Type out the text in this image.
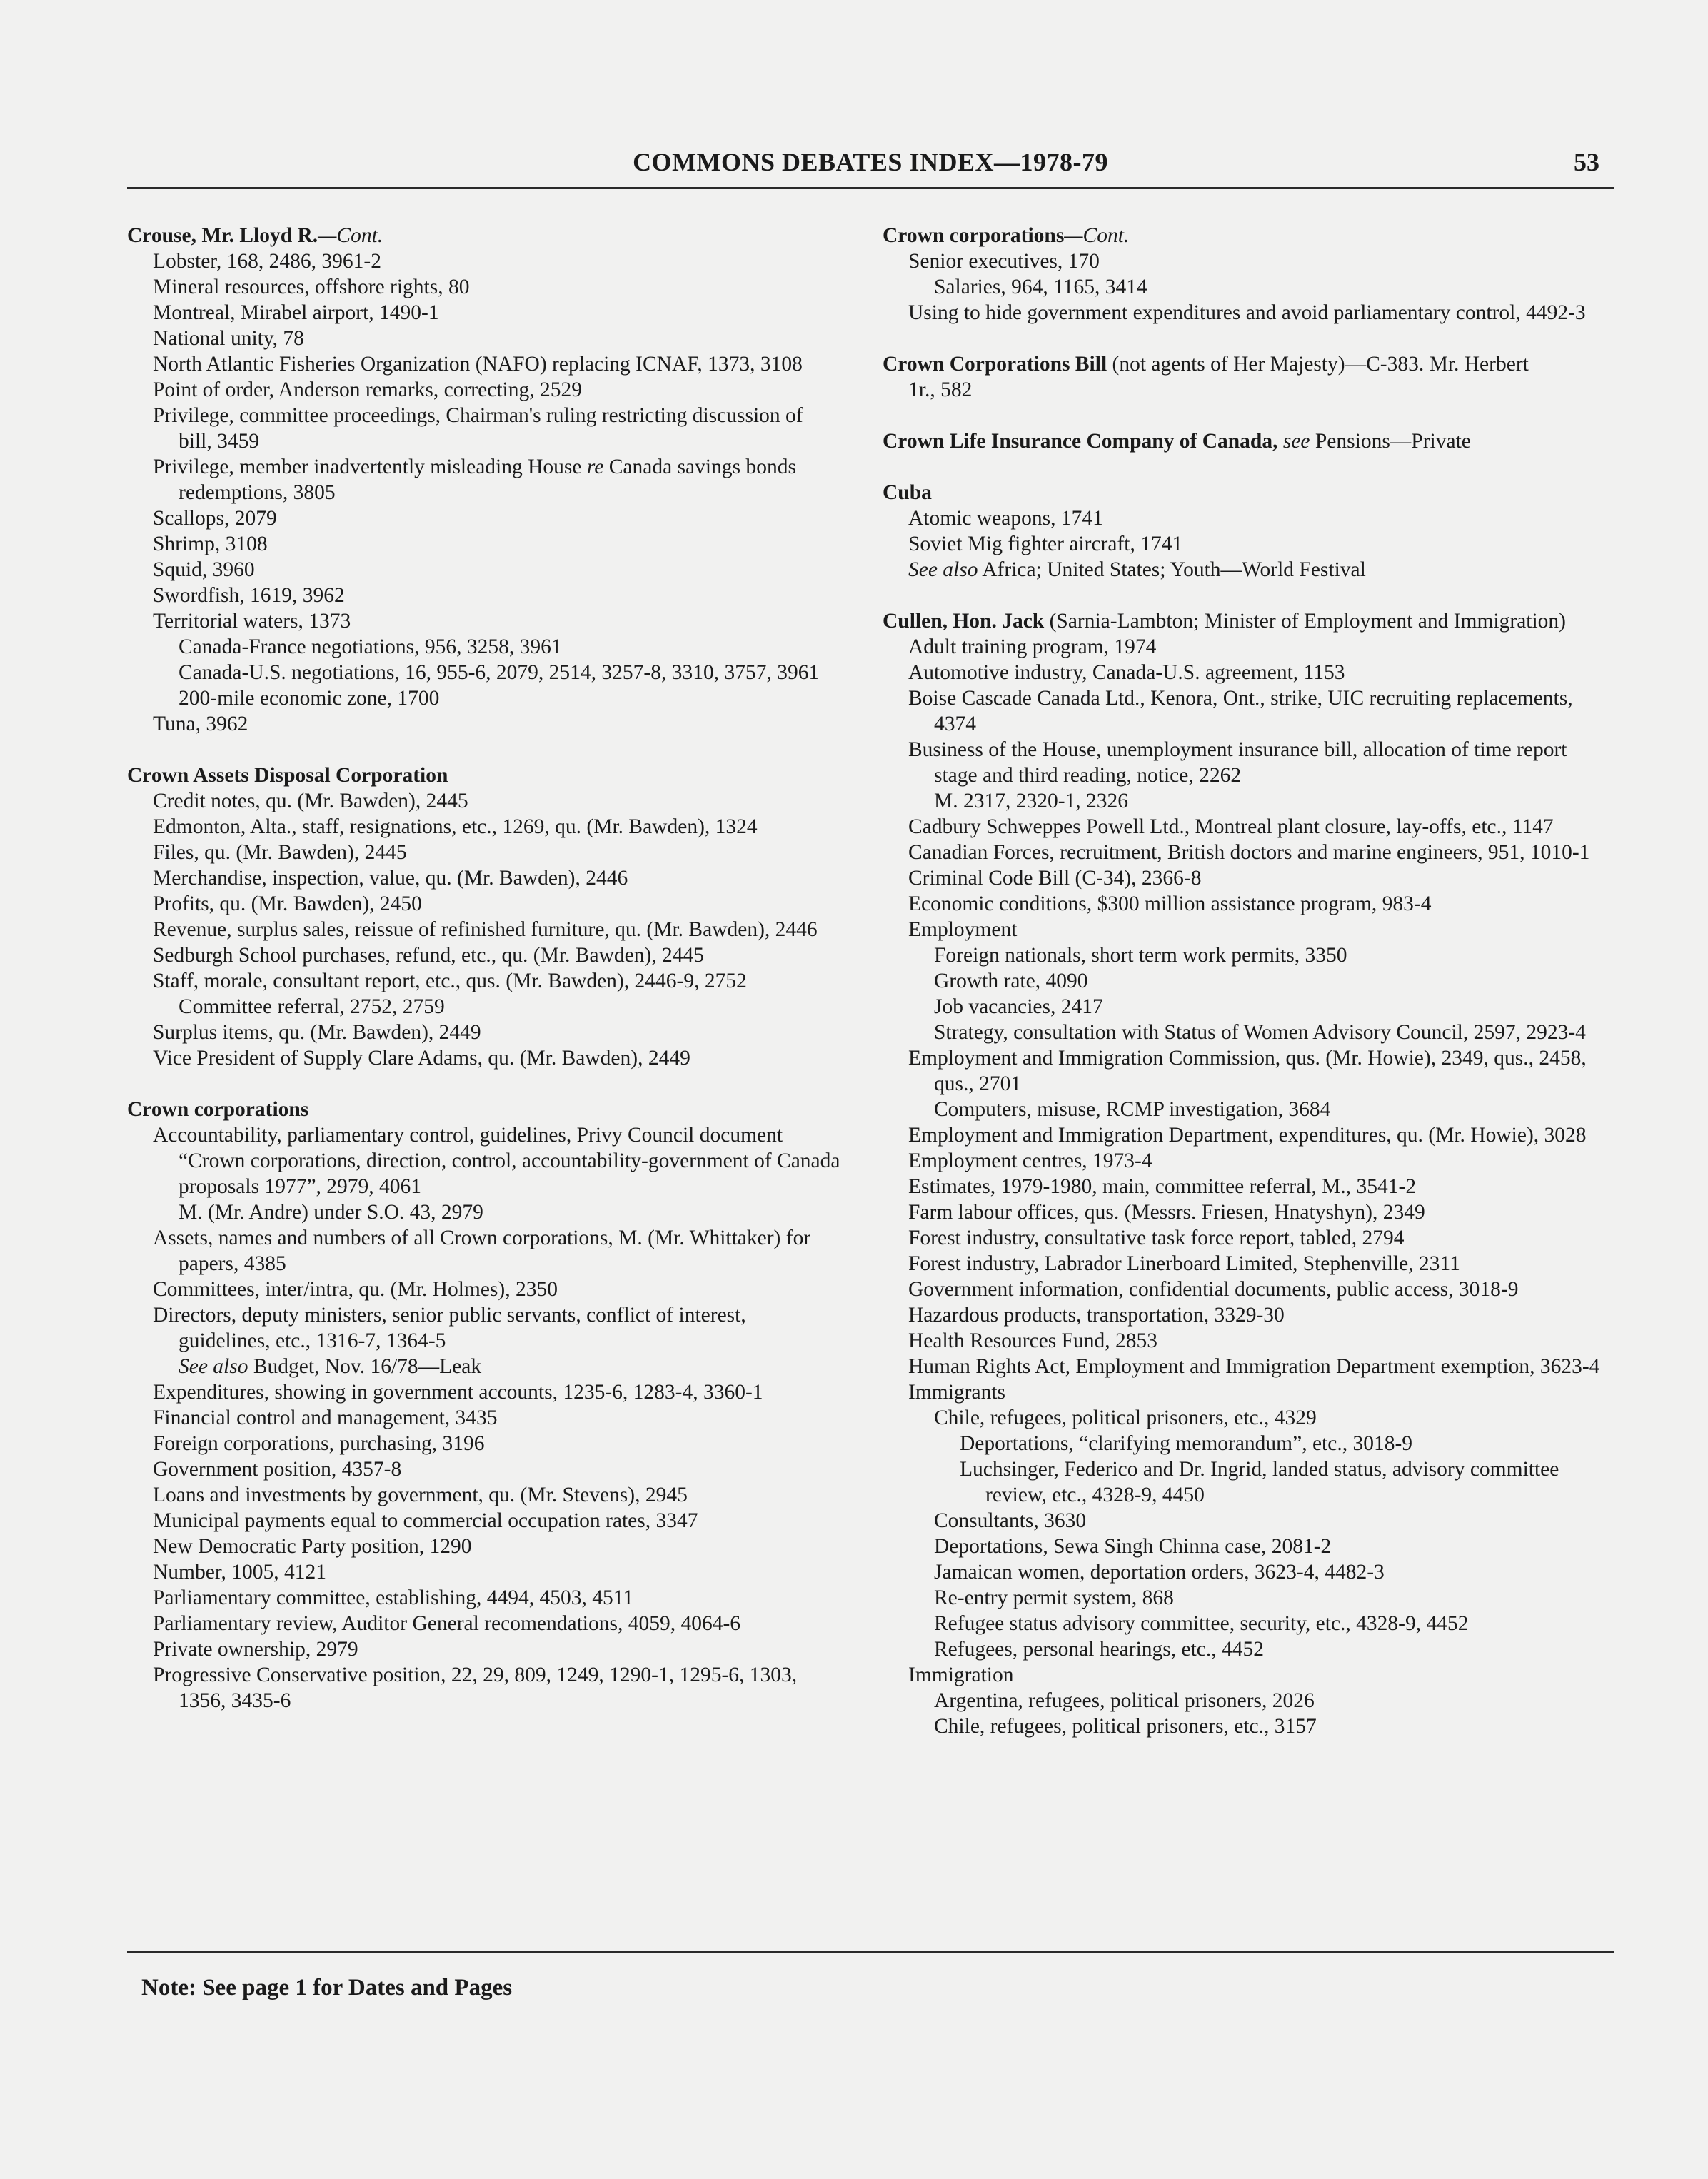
COMMONS DEBATES INDEX—1978-79	53
Crouse, Mr. Lloyd R.—Cont.
Lobster, 168, 2486, 3961-2
Mineral resources, offshore rights, 80
Montreal, Mirabel airport, 1490-1
National unity, 78
North Atlantic Fisheries Organization (NAFO) replacing ICNAF, 1373, 3108
Point of order, Anderson remarks, correcting, 2529
Privilege, committee proceedings, Chairman's ruling restricting discussion of bill, 3459
Privilege, member inadvertently misleading House re Canada savings bonds redemptions, 3805
Scallops, 2079
Shrimp, 3108
Squid, 3960
Swordfish, 1619, 3962
Territorial waters, 1373
Canada-France negotiations, 956, 3258, 3961
Canada-U.S. negotiations, 16, 955-6, 2079, 2514, 3257-8, 3310, 3757, 3961
200-mile economic zone, 1700
Tuna, 3962
Crown Assets Disposal Corporation
Credit notes, qu. (Mr. Bawden), 2445
Edmonton, Alta., staff, resignations, etc., 1269, qu. (Mr. Bawden), 1324
Files, qu. (Mr. Bawden), 2445
Merchandise, inspection, value, qu. (Mr. Bawden), 2446
Profits, qu. (Mr. Bawden), 2450
Revenue, surplus sales, reissue of refinished furniture, qu. (Mr. Bawden), 2446
Sedburgh School purchases, refund, etc., qu. (Mr. Bawden), 2445
Staff, morale, consultant report, etc., qus. (Mr. Bawden), 2446-9, 2752
Committee referral, 2752, 2759
Surplus items, qu. (Mr. Bawden), 2449
Vice President of Supply Clare Adams, qu. (Mr. Bawden), 2449
Crown corporations
Accountability, parliamentary control, guidelines, Privy Council document “Crown corporations, direction, control, accountability-government of Canada proposals 1977”, 2979, 4061
M. (Mr. Andre) under S.O. 43, 2979
Assets, names and numbers of all Crown corporations, M. (Mr. Whittaker) for papers, 4385
Committees, inter/intra, qu. (Mr. Holmes), 2350
Directors, deputy ministers, senior public servants, conflict of interest, guidelines, etc., 1316-7, 1364-5
See also Budget, Nov. 16/78—Leak
Expenditures, showing in government accounts, 1235-6, 1283-4, 3360-1
Financial control and management, 3435
Foreign corporations, purchasing, 3196
Government position, 4357-8
Loans and investments by government, qu. (Mr. Stevens), 2945
Municipal payments equal to commercial occupation rates, 3347
New Democratic Party position, 1290
Number, 1005, 4121
Parliamentary committee, establishing, 4494, 4503, 4511
Parliamentary review, Auditor General recomendations, 4059, 4064-6
Private ownership, 2979
Progressive Conservative position, 22, 29, 809, 1249, 1290-1, 1295-6, 1303, 1356, 3435-6
Crown corporations—Cont.
Senior executives, 170
Salaries, 964, 1165, 3414
Using to hide government expenditures and avoid parliamentary control, 4492-3
Crown Corporations Bill (not agents of Her Majesty)—C-383. Mr. Herbert
1r., 582
Crown Life Insurance Company of Canada, see Pensions—Private
Cuba
Atomic weapons, 1741
Soviet Mig fighter aircraft, 1741
See also Africa; United States; Youth—World Festival
Cullen, Hon. Jack (Sarnia-Lambton; Minister of Employment and Immigration)
Adult training program, 1974
Automotive industry, Canada-U.S. agreement, 1153
Boise Cascade Canada Ltd., Kenora, Ont., strike, UIC recruiting replacements, 4374
Business of the House, unemployment insurance bill, allocation of time report stage and third reading, notice, 2262
M. 2317, 2320-1, 2326
Cadbury Schweppes Powell Ltd., Montreal plant closure, lay-offs, etc., 1147
Canadian Forces, recruitment, British doctors and marine engineers, 951, 1010-1
Criminal Code Bill (C-34), 2366-8
Economic conditions, $300 million assistance program, 983-4
Employment
Foreign nationals, short term work permits, 3350
Growth rate, 4090
Job vacancies, 2417
Strategy, consultation with Status of Women Advisory Council, 2597, 2923-4
Employment and Immigration Commission, qus. (Mr. Howie), 2349, qus., 2458, qus., 2701
Computers, misuse, RCMP investigation, 3684
Employment and Immigration Department, expenditures, qu. (Mr. Howie), 3028
Employment centres, 1973-4
Estimates, 1979-1980, main, committee referral, M., 3541-2
Farm labour offices, qus. (Messrs. Friesen, Hnatyshyn), 2349
Forest industry, consultative task force report, tabled, 2794
Forest industry, Labrador Linerboard Limited, Stephenville, 2311
Government information, confidential documents, public access, 3018-9
Hazardous products, transportation, 3329-30
Health Resources Fund, 2853
Human Rights Act, Employment and Immigration Department exemption, 3623-4
Immigrants
Chile, refugees, political prisoners, etc., 4329
Deportations, “clarifying memorandum”, etc., 3018-9
Luchsinger, Federico and Dr. Ingrid, landed status, advisory committee review, etc., 4328-9, 4450
Consultants, 3630
Deportations, Sewa Singh Chinna case, 2081-2
Jamaican women, deportation orders, 3623-4, 4482-3
Re-entry permit system, 868
Refugee status advisory committee, security, etc., 4328-9, 4452
Refugees, personal hearings, etc., 4452
Immigration
Argentina, refugees, political prisoners, 2026
Chile, refugees, political prisoners, etc., 3157
Note: See page 1 for Dates and Pages
